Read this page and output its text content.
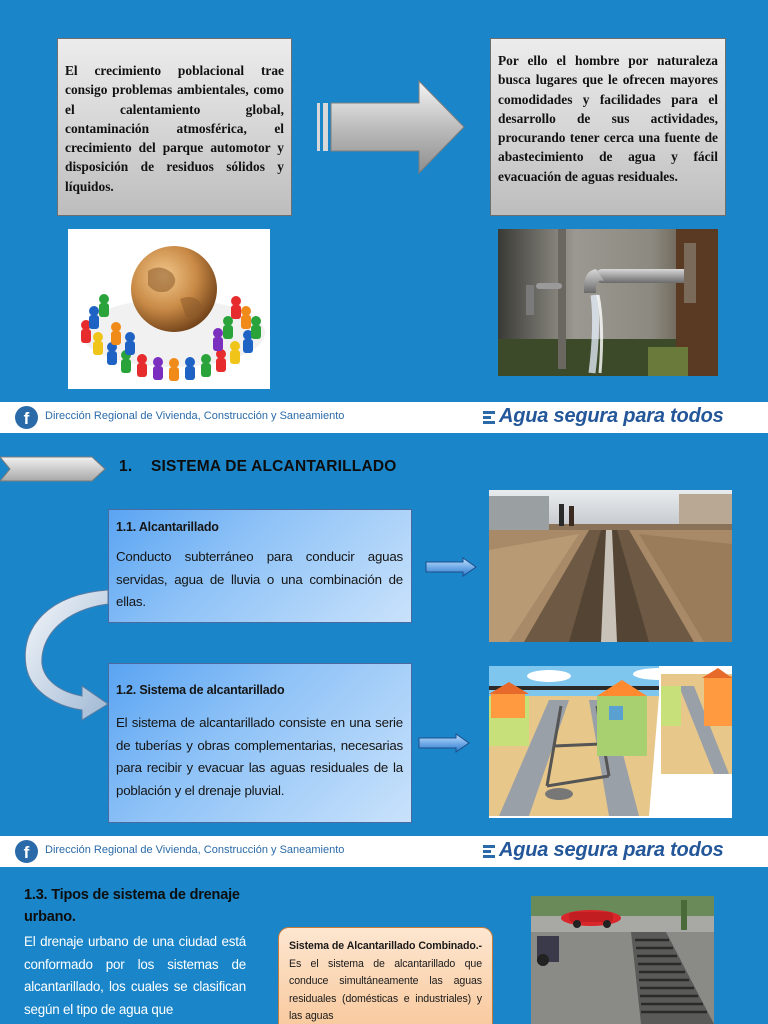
El crecimiento poblacional trae consigo problemas ambientales, como el calentamiento global, contaminación atmosférica, el crecimiento del parque automotor y disposición de residuos sólidos y líquidos.
Por ello el hombre por naturaleza busca lugares que le ofrecen mayores comodidades y facilidades para el desarrollo de sus actividades, procurando tener cerca una fuente de abastecimiento de agua y fácil evacuación de aguas residuales.
f	Dirección Regional de Vivienda, Construcción y Saneamiento	Agua segura para todos
1. SISTEMA DE ALCANTARILLADO
1.1. Alcantarillado
Conducto subterráneo para conducir aguas servidas, agua de lluvia o una combinación de ellas.
1.2. Sistema de alcantarillado
El sistema de alcantarillado consiste en una serie de tuberías y obras complementarias, necesarias para recibir y evacuar las aguas residuales de la población y el drenaje pluvial.
f	Dirección Regional de Vivienda, Construcción y Saneamiento	Agua segura para todos
1.3. Tipos de sistema de drenaje urbano.
El drenaje urbano de una ciudad está conformado por los sistemas de alcantarillado, los cuales se clasifican según el tipo de agua que
Sistema de Alcantarillado Combinado.- Es el sistema de alcantarillado que conduce simultáneamente las aguas residuales (domésticas e industriales) y las aguas
